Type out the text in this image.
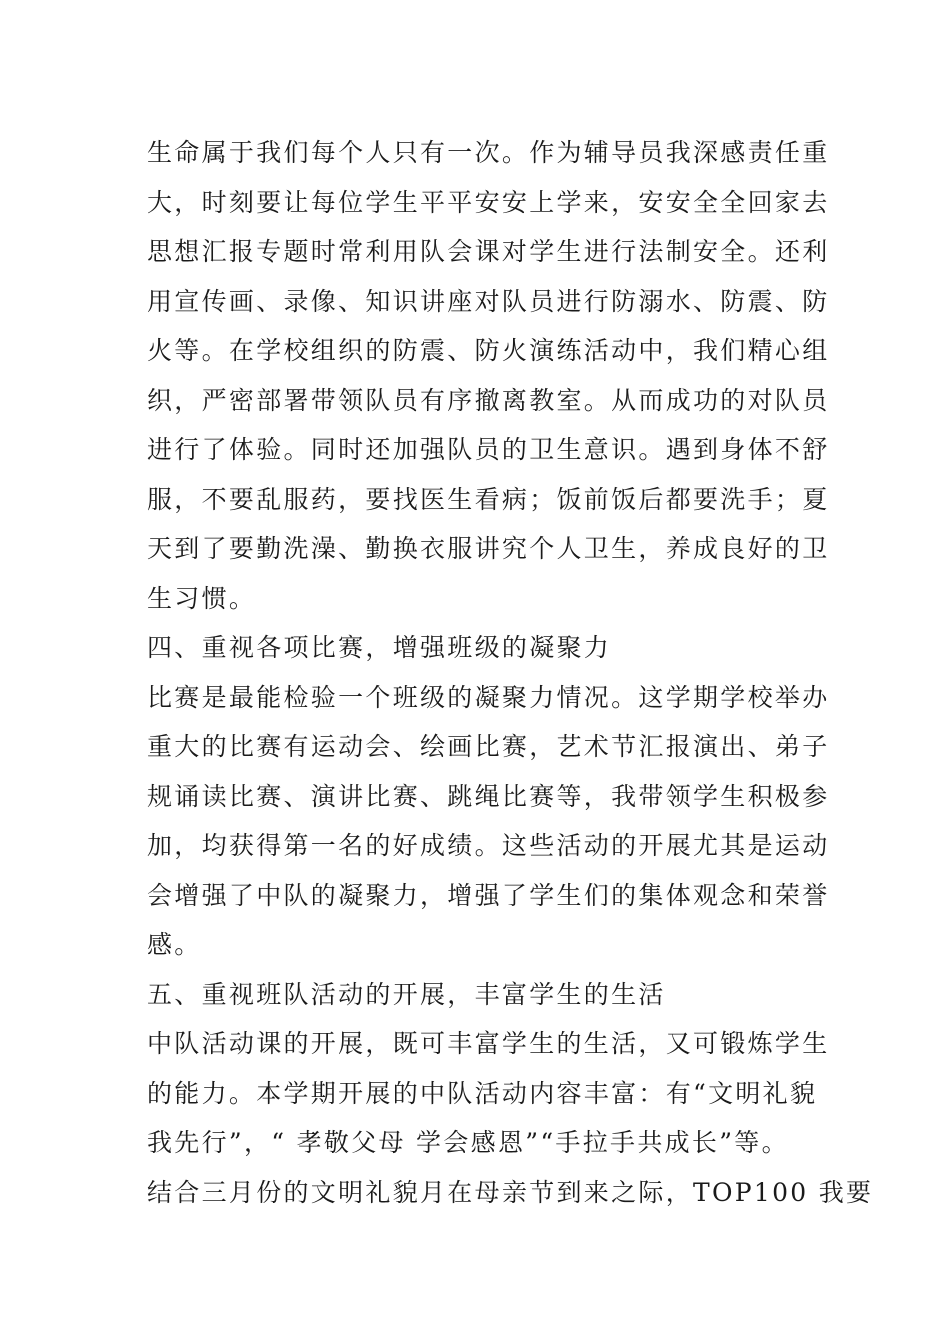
生命属于我们每个人只有一次。作为辅导员我深感责任重
大，时刻要让每位学生平平安安上学来，安安全全回家去
思想汇报专题时常利用队会课对学生进行法制安全。还利
用宣传画、录像、知识讲座对队员进行防溺水、防震、防
火等。在学校组织的防震、防火演练活动中，我们精心组
织，严密部署带领队员有序撤离教室。从而成功的对队员
进行了体验。同时还加强队员的卫生意识。遇到身体不舒
服，不要乱服药，要找医生看病；饭前饭后都要洗手；夏
天到了要勤洗澡、勤换衣服讲究个人卫生，养成良好的卫
生习惯。
四、重视各项比赛，增强班级的凝聚力
比赛是最能检验一个班级的凝聚力情况。这学期学校举办
重大的比赛有运动会、绘画比赛，艺术节汇报演出、弟子
规诵读比赛、演讲比赛、跳绳比赛等，我带领学生积极参
加，均获得第一名的好成绩。这些活动的开展尤其是运动
会增强了中队的凝聚力，增强了学生们的集体观念和荣誉
感。
五、重视班队活动的开展，丰富学生的生活
中队活动课的开展，既可丰富学生的生活，又可锻炼学生
的能力。本学期开展的中队活动内容丰富：有“文明礼貌
我先行”，“ 孝敬父母 学会感恩”“手拉手共成长”等。
结合三月份的文明礼貌月在母亲节到来之际，TOP100 我要
